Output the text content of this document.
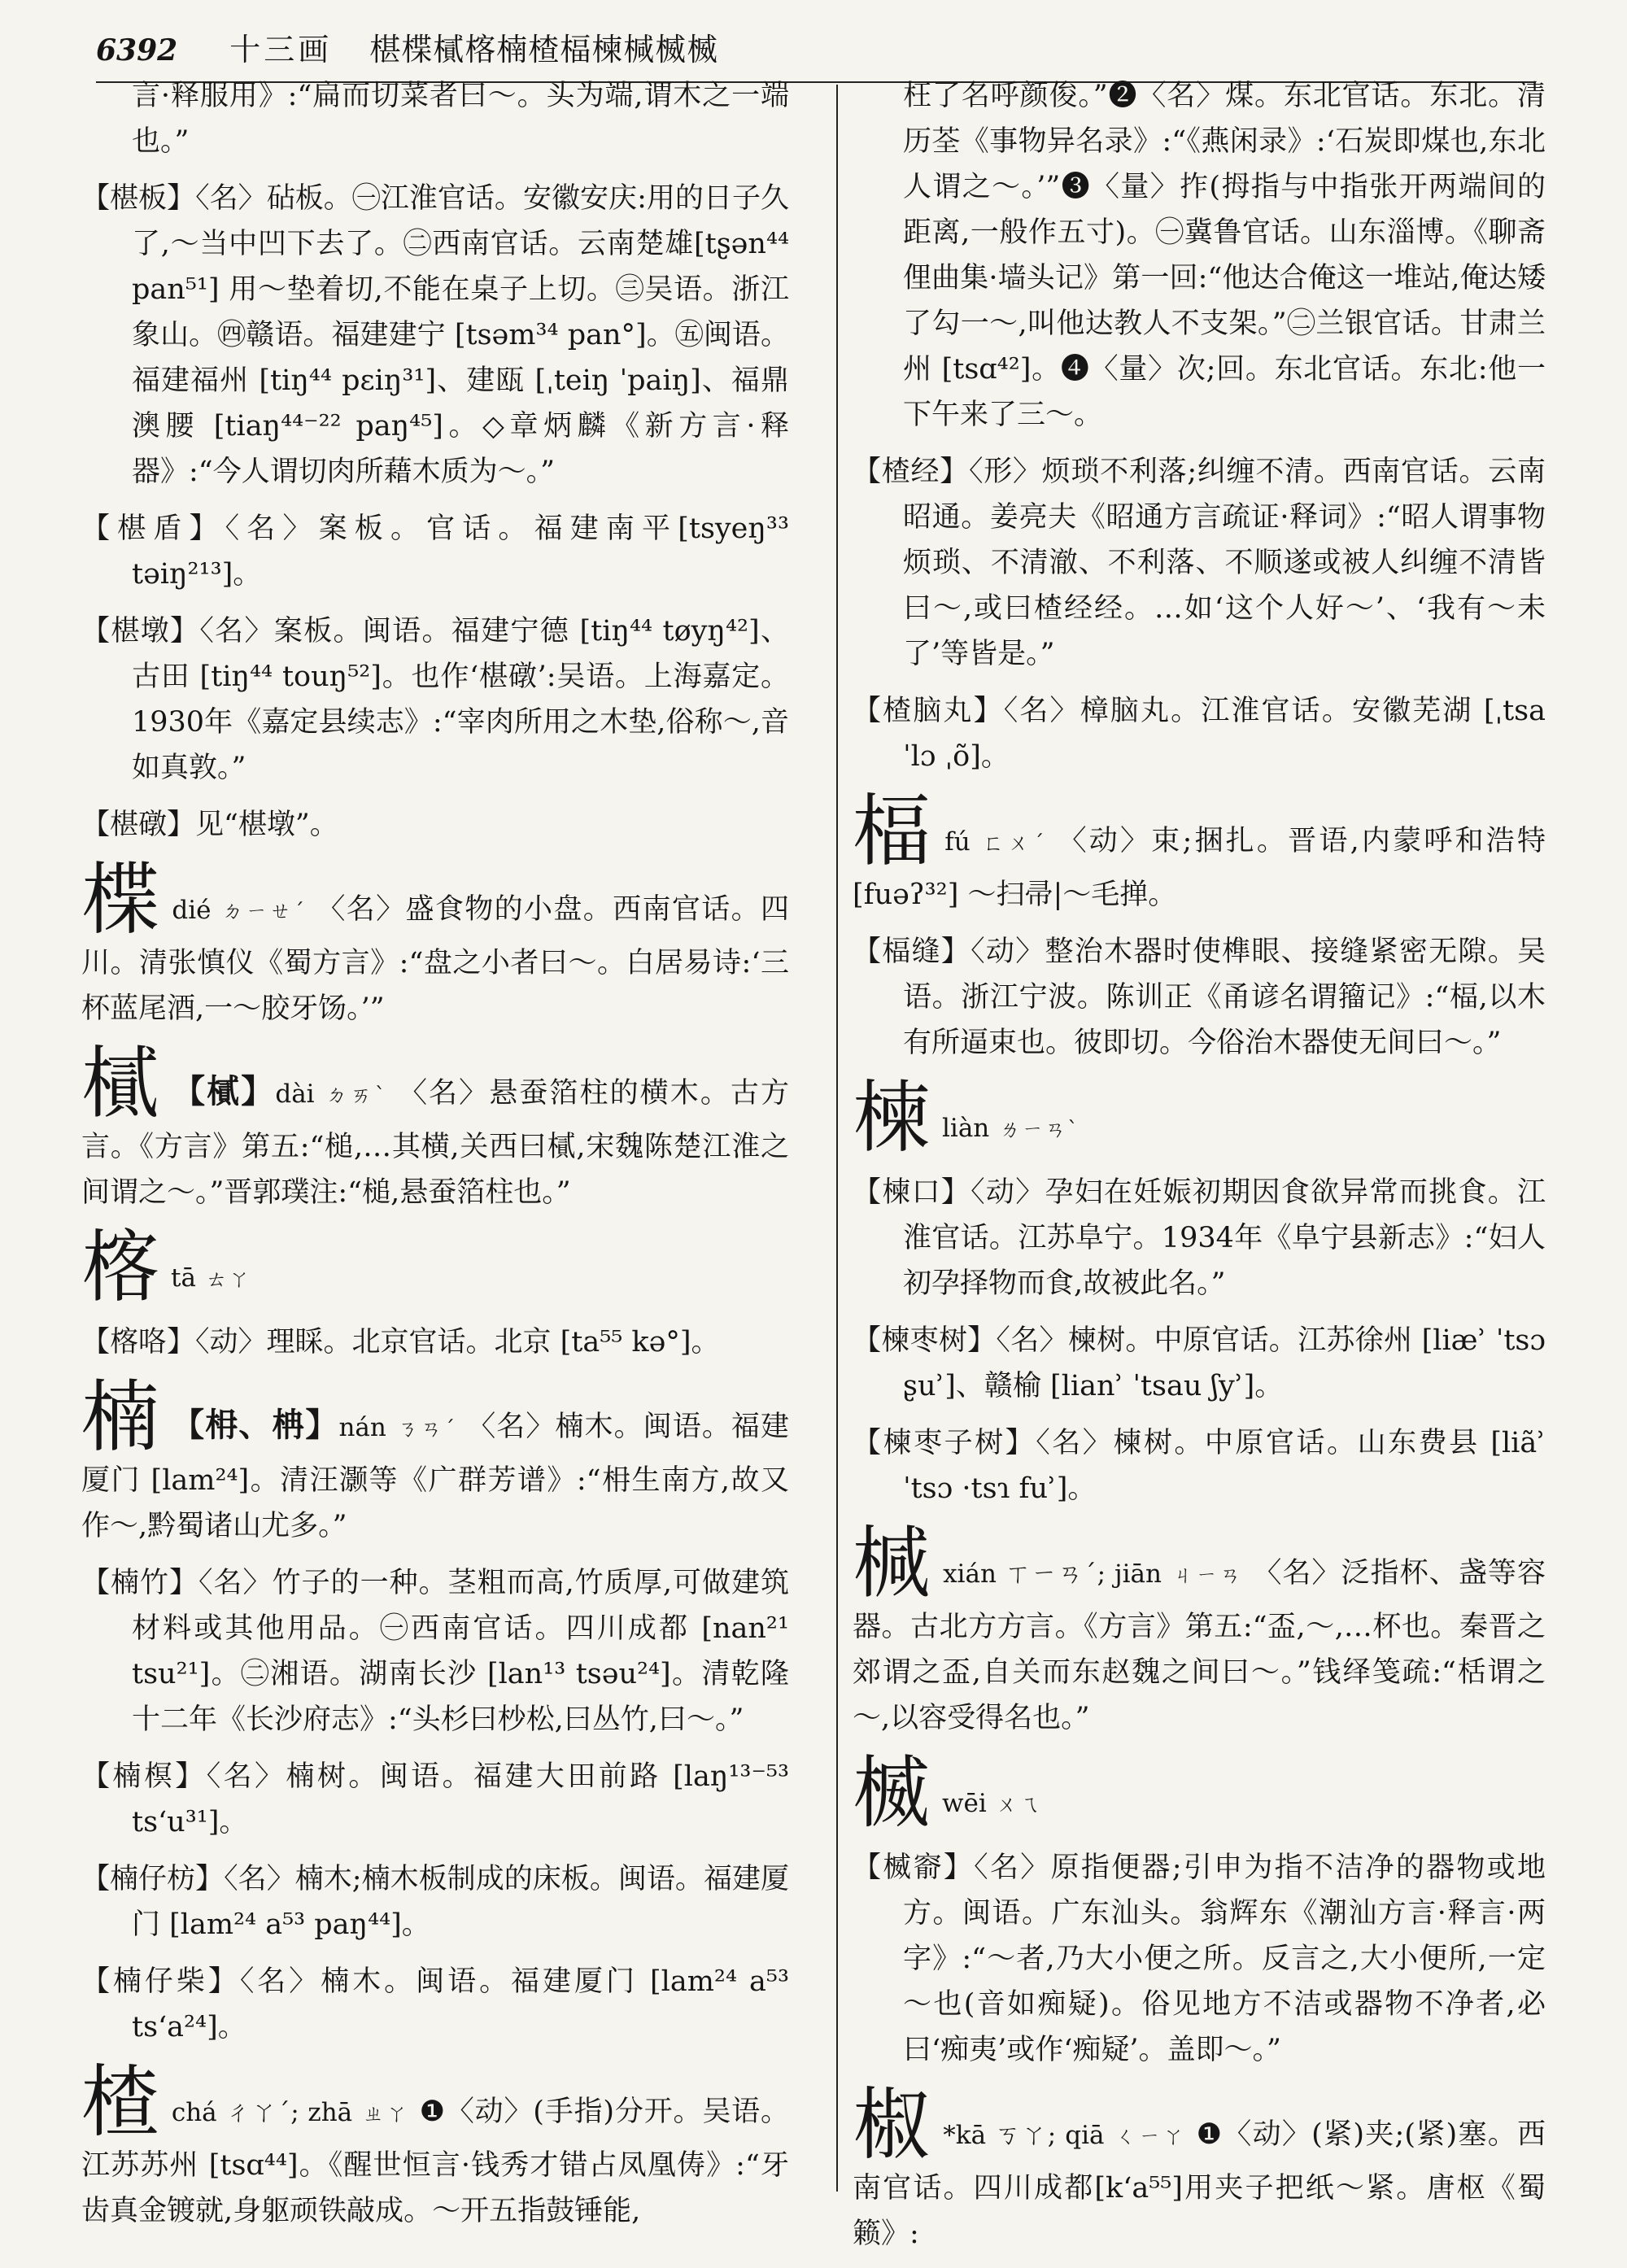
6392 十三画 椹楪樲楁楠楂楅楝椷楲楲
言·释服用》:“扁而切菜者曰～。头为端,谓木之一端也。”
【椹板】〈名〉砧板。㊀江淮官话。安徽安庆:用的日子久了,～当中凹下去了。㊁西南官话。云南楚雄[tʂən⁴⁴ pan⁵¹] 用～垫着切,不能在桌子上切。㊂吴语。浙江象山。㊃赣语。福建建宁 [tsəm³⁴ pan°]。㊄闽语。福建福州 [tiŋ⁴⁴ pɛiŋ³¹]、建瓯 [ˌteiŋ ˈpaiŋ]、福鼎澳腰 [tiaŋ⁴⁴⁻²² paŋ⁴⁵]。◇章炳麟《新方言·释器》:“今人谓切肉所藉木质为～。”
【椹盾】〈名〉案板。官话。福建南平[tsyeŋ³³ təiŋ²¹³]。
【椹墩】〈名〉案板。闽语。福建宁德 [tiŋ⁴⁴ tøyŋ⁴²]、古田 [tiŋ⁴⁴ touŋ⁵²]。也作‘椹礅’:吴语。上海嘉定。1930年《嘉定县续志》:“宰肉所用之木垫,俗称～,音如真敦。”
【椹礅】见“椹墩”。
楪dié ㄉㄧㄝˊ 〈名〉盛食物的小盘。西南官话。四川。清张慎仪《蜀方言》:“盘之小者曰～。白居易诗:‘三杯蓝尾酒,一～胶牙饧。’”
樲 【樲】dài ㄉㄞˋ 〈名〉悬蚕箔柱的横木。古方言。《方言》第五:“槌,…其横,关西曰樲,宋魏陈楚江淮之间谓之～。”晋郭璞注:“槌,悬蚕箔柱也。”
楁tā ㄊㄚ
【楁咯】〈动〉理睬。北京官话。北京 [ta⁵⁵ kə°]。
楠 【枏、柟】nán ㄋㄢˊ 〈名〉楠木。闽语。福建厦门 [lam²⁴]。清汪灏等《广群芳谱》:“枏生南方,故又作～,黔蜀诸山尤多。”
【楠竹】〈名〉竹子的一种。茎粗而高,竹质厚,可做建筑材料或其他用品。㊀西南官话。四川成都 [nan²¹ tsu²¹]。㊁湘语。湖南长沙 [lan¹³ tsəu²⁴]。清乾隆十二年《长沙府志》:“头杉曰杪松,曰丛竹,曰～。”
【楠榠】〈名〉楠树。闽语。福建大田前路 [laŋ¹³⁻⁵³ tsʻu³¹]。
【楠仔枋】〈名〉楠木;楠木板制成的床板。闽语。福建厦门 [lam²⁴ a⁵³ paŋ⁴⁴]。
【楠仔柴】〈名〉楠木。闽语。福建厦门 [lam²⁴ a⁵³ tsʻa²⁴]。
楂chá ㄔㄚˊ; zhā ㄓㄚ ❶〈动〉(手指)分开。吴语。江苏苏州 [tsɑ⁴⁴]。《醒世恒言·钱秀才错占凤凰俦》:“牙齿真金镀就,身躯顽铁敲成。～开五指鼓锤能,
枉了名呼颜俊。”❷〈名〉煤。东北官话。东北。清历荃《事物异名录》:“《燕闲录》:‘石炭即煤也,东北人谓之～。’”❸〈量〉拃(拇指与中指张开两端间的距离,一般作五寸)。㊀冀鲁官话。山东淄博。《聊斋俚曲集·墙头记》第一回:“他达合俺这一堆站,俺达矮了勾一～,叫他达教人不支架。”㊁兰银官话。甘肃兰州 [tsɑ⁴²]。❹〈量〉次;回。东北官话。东北:他一下午来了三～。
【楂经】〈形〉烦琐不利落;纠缠不清。西南官话。云南昭通。姜亮夫《昭通方言疏证·释词》:“昭人谓事物烦琐、不清澈、不利落、不顺遂或被人纠缠不清皆曰～,或曰楂经经。…如‘这个人好～’、‘我有～未了’等皆是。”
【楂脑丸】〈名〉樟脑丸。江淮官话。安徽芜湖 [ˌtsa ˈlɔ ˌõ]。
楅fú ㄈㄨˊ 〈动〉束;捆扎。晋语,内蒙呼和浩特 [fuəʔ³²] ～扫帚|～毛掸。
【楅缝】〈动〉整治木器时使榫眼、接缝紧密无隙。吴语。浙江宁波。陈训正《甬谚名谓籀记》:“楅,以木有所逼束也。彼即切。今俗治木器使无间曰～。”
楝liàn ㄌㄧㄢˋ
【楝口】〈动〉孕妇在妊娠初期因食欲异常而挑食。江淮官话。江苏阜宁。1934年《阜宁县新志》:“妇人初孕择物而食,故被此名。”
【楝枣树】〈名〉楝树。中原官话。江苏徐州 [liæʾ ˈtsɔ ʂuʾ]、赣榆 [lianʾ ˈtsau ʃyʾ]。
【楝枣子树】〈名〉楝树。中原官话。山东费县 [liãʾ ˈtsɔ ·tsɿ fuʾ]。
椷xián ㄒㄧㄢˊ; jiān ㄐㄧㄢ 〈名〉泛指杯、盏等容器。古北方方言。《方言》第五:“盃,～,…杯也。秦晋之郊谓之盃,自关而东赵魏之间曰～。”钱绎笺疏:“栝谓之～,以容受得名也。”
楲wēi ㄨㄟ
【楲窬】〈名〉原指便器;引申为指不洁净的器物或地方。闽语。广东汕头。翁辉东《潮汕方言·释言·两字》:“～者,乃大小便之所。反言之,大小便所,一定～也(音如痴疑)。俗见地方不洁或器物不净者,必曰‘痴夷’或作‘痴疑’。盖即～。”
椒 *kā ㄎㄚ; qiā ㄑㄧㄚ ❶〈动〉(紧)夹;(紧)塞。西南官话。四川成都[kʻa⁵⁵]用夹子把纸～紧。唐枢《蜀籁》:
